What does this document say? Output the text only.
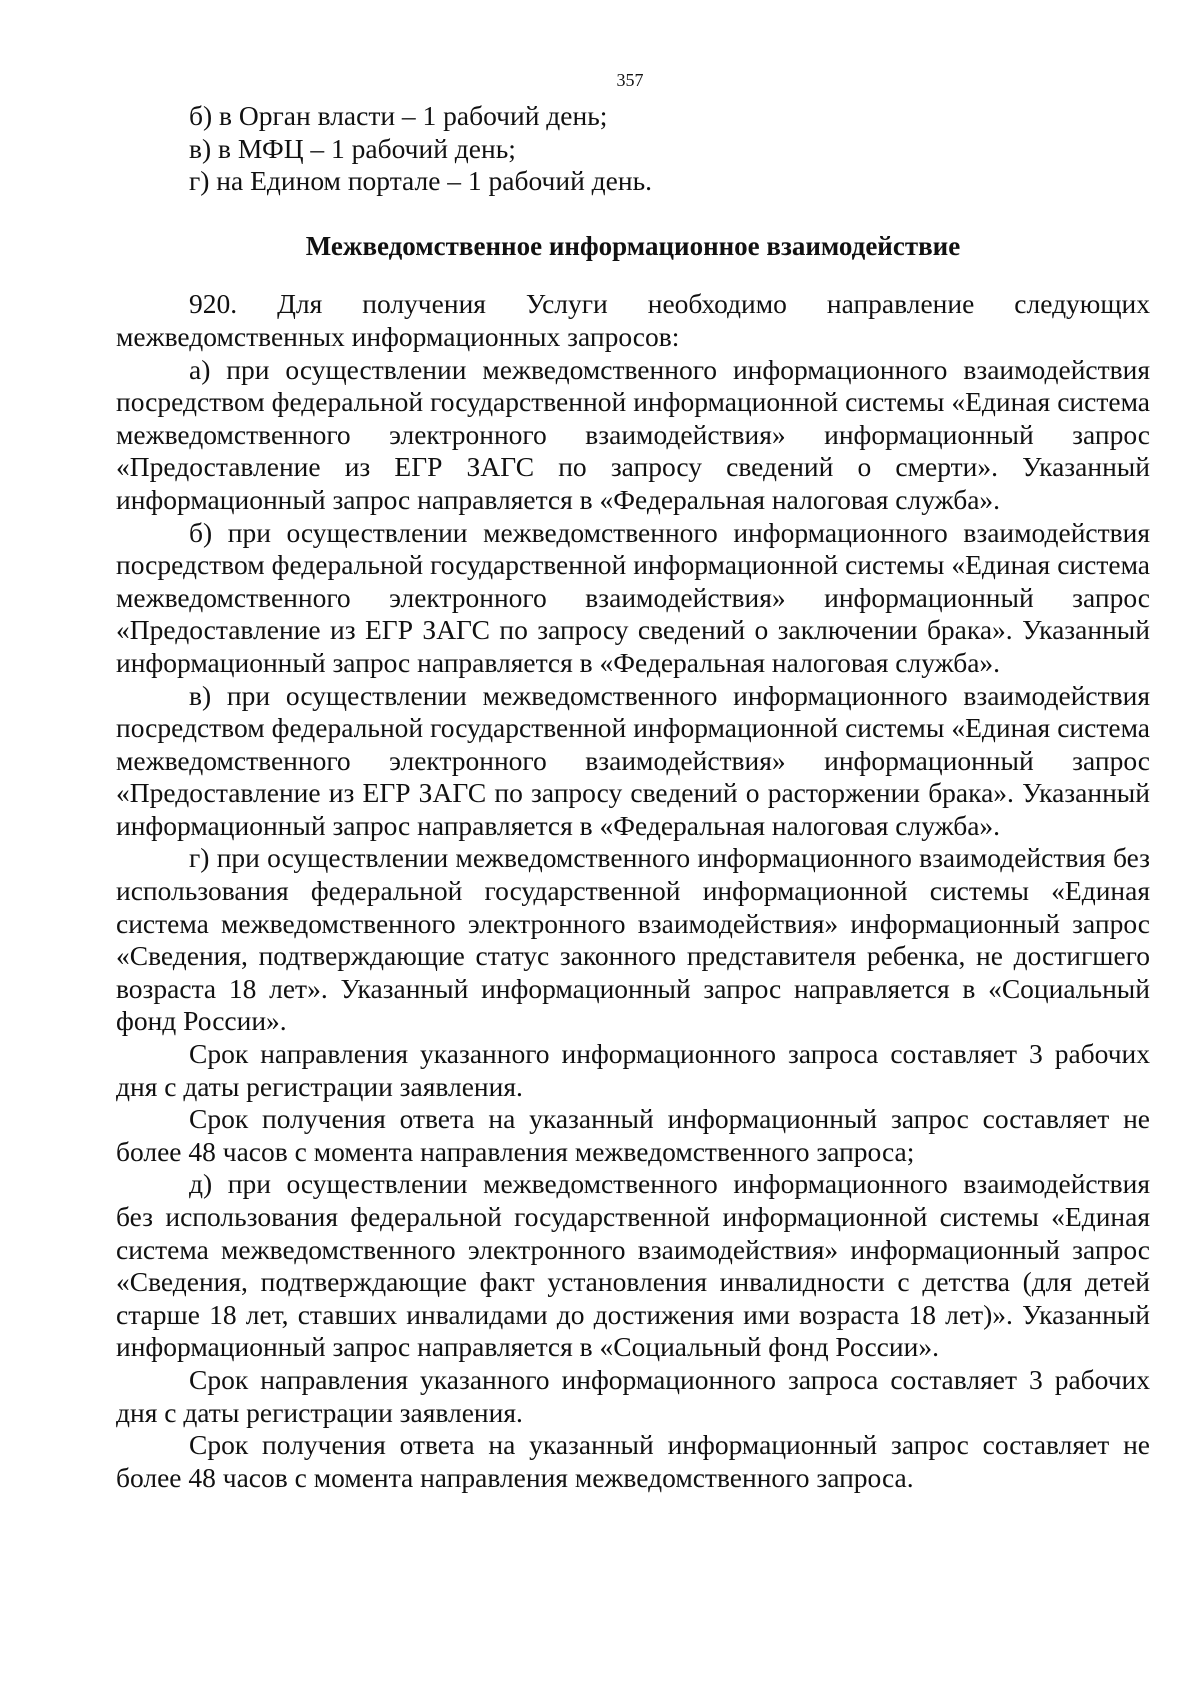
357

б) в Орган власти – 1 рабочий день;

в) в МФЦ – 1 рабочий день;

г) на Едином портале – 1 рабочий день.

Межведомственное информационное взаимодействие

920. Для получения Услуги необходимо направление следующих межведомственных информационных запросов:

а) при осуществлении межведомственного информационного взаимодействия посредством федеральной государственной информационной системы «Единая система межведомственного электронного взаимодействия» информационный запрос «Предоставление из ЕГР ЗАГС по запросу сведений о смерти». Указанный информационный запрос направляется в «Федеральная налоговая служба».

б) при осуществлении межведомственного информационного взаимодействия посредством федеральной государственной информационной системы «Единая система межведомственного электронного взаимодействия» информационный запрос «Предоставление из ЕГР ЗАГС по запросу сведений о заключении брака». Указанный информационный запрос направляется в «Федеральная налоговая служба».

в) при осуществлении межведомственного информационного взаимодействия посредством федеральной государственной информационной системы «Единая система межведомственного электронного взаимодействия» информационный запрос «Предоставление из ЕГР ЗАГС по запросу сведений о расторжении брака». Указанный информационный запрос направляется в «Федеральная налоговая служба».

г) при осуществлении межведомственного информационного взаимодействия без использования федеральной государственной информационной системы «Единая система межведомственного электронного взаимодействия» информационный запрос «Сведения, подтверждающие статус законного представителя ребенка, не достигшего возраста 18 лет». Указанный информационный запрос направляется в «Социальный фонд России».

Срок направления указанного информационного запроса составляет 3 рабочих дня с даты регистрации заявления.

Срок получения ответа на указанный информационный запрос составляет не более 48 часов с момента направления межведомственного запроса;

д) при осуществлении межведомственного информационного взаимодействия без использования федеральной государственной информационной системы «Единая система межведомственного электронного взаимодействия» информационный запрос «Сведения, подтверждающие факт установления инвалидности с детства (для детей старше 18 лет, ставших инвалидами до достижения ими возраста 18 лет)». Указанный информационный запрос направляется в «Социальный фонд России».

Срок направления указанного информационного запроса составляет 3 рабочих дня с даты регистрации заявления.

Срок получения ответа на указанный информационный запрос составляет не более 48 часов с момента направления межведомственного запроса.
